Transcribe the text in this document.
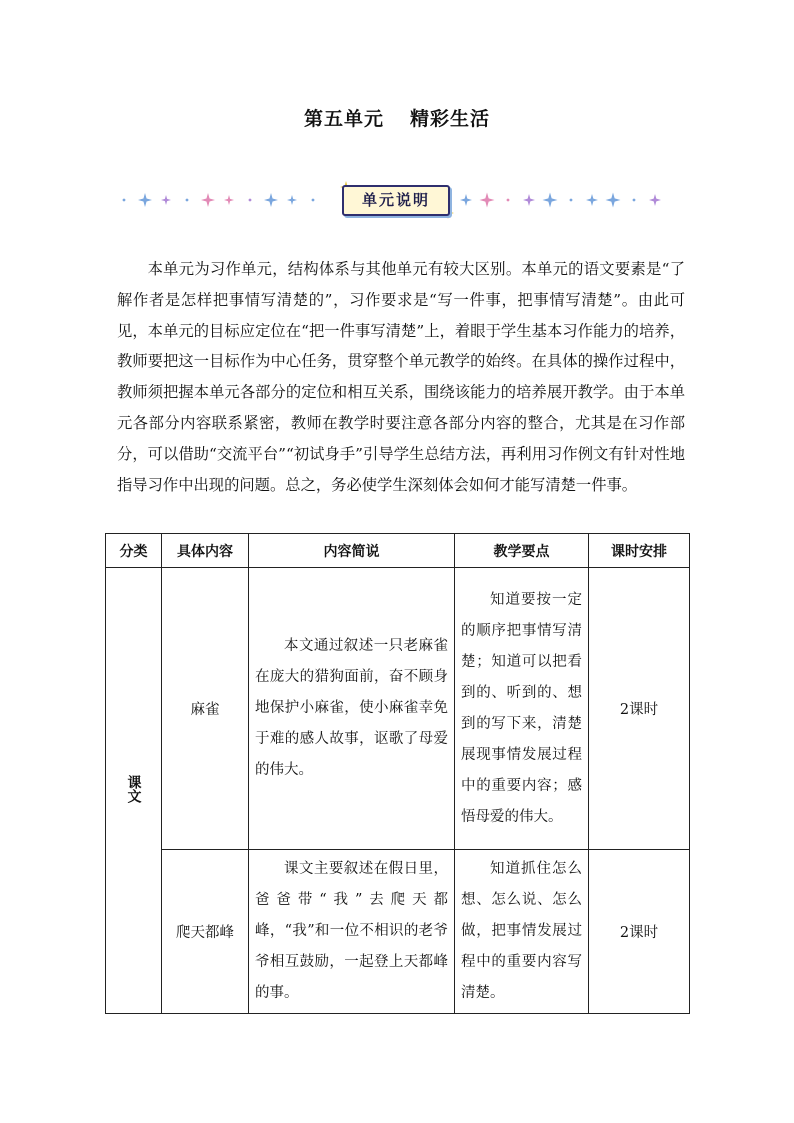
第五单元 精彩生活
单元说明

本单元为习作单元，结构体系与其他单元有较大区别。本单元的语文要素是“了解作者是怎样把事情写清楚的”，习作要求是“写一件事，把事情写清楚”。由此可见，本单元的目标应定位在“把一件事写清楚”上，着眼于学生基本习作能力的培养，教师要把这一目标作为中心任务，贯穿整个单元教学的始终。在具体的操作过程中，教师须把握本单元各部分的定位和相互关系，围绕该能力的培养展开教学。由于本单元各部分内容联系紧密，教师在教学时要注意各部分内容的整合，尤其是在习作部分，可以借助“交流平台”“初试身手”引导学生总结方法，再利用习作例文有针对性地指导习作中出现的问题。总之，务必使学生深刻体会如何才能写清楚一件事。

分类	具体内容	内容简说	教学要点	课时安排
课文	麻雀	本文通过叙述一只老麻雀在庞大的猎狗面前，奋不顾身地保护小麻雀，使小麻雀幸免于难的感人故事，讴歌了母爱的伟大。	知道要按一定的顺序把事情写清楚；知道可以把看到的、听到的、想到的写下来，清楚展现事情发展过程中的重要内容；感悟母爱的伟大。	2课时
	爬天都峰	课文主要叙述在假日里，爸爸带“我”去爬天都峰，“我”和一位不相识的老爷爷相互鼓励，一起登上天都峰的事。	知道抓住怎么想、怎么说、怎么做，把事情发展过程中的重要内容写清楚。	2课时
